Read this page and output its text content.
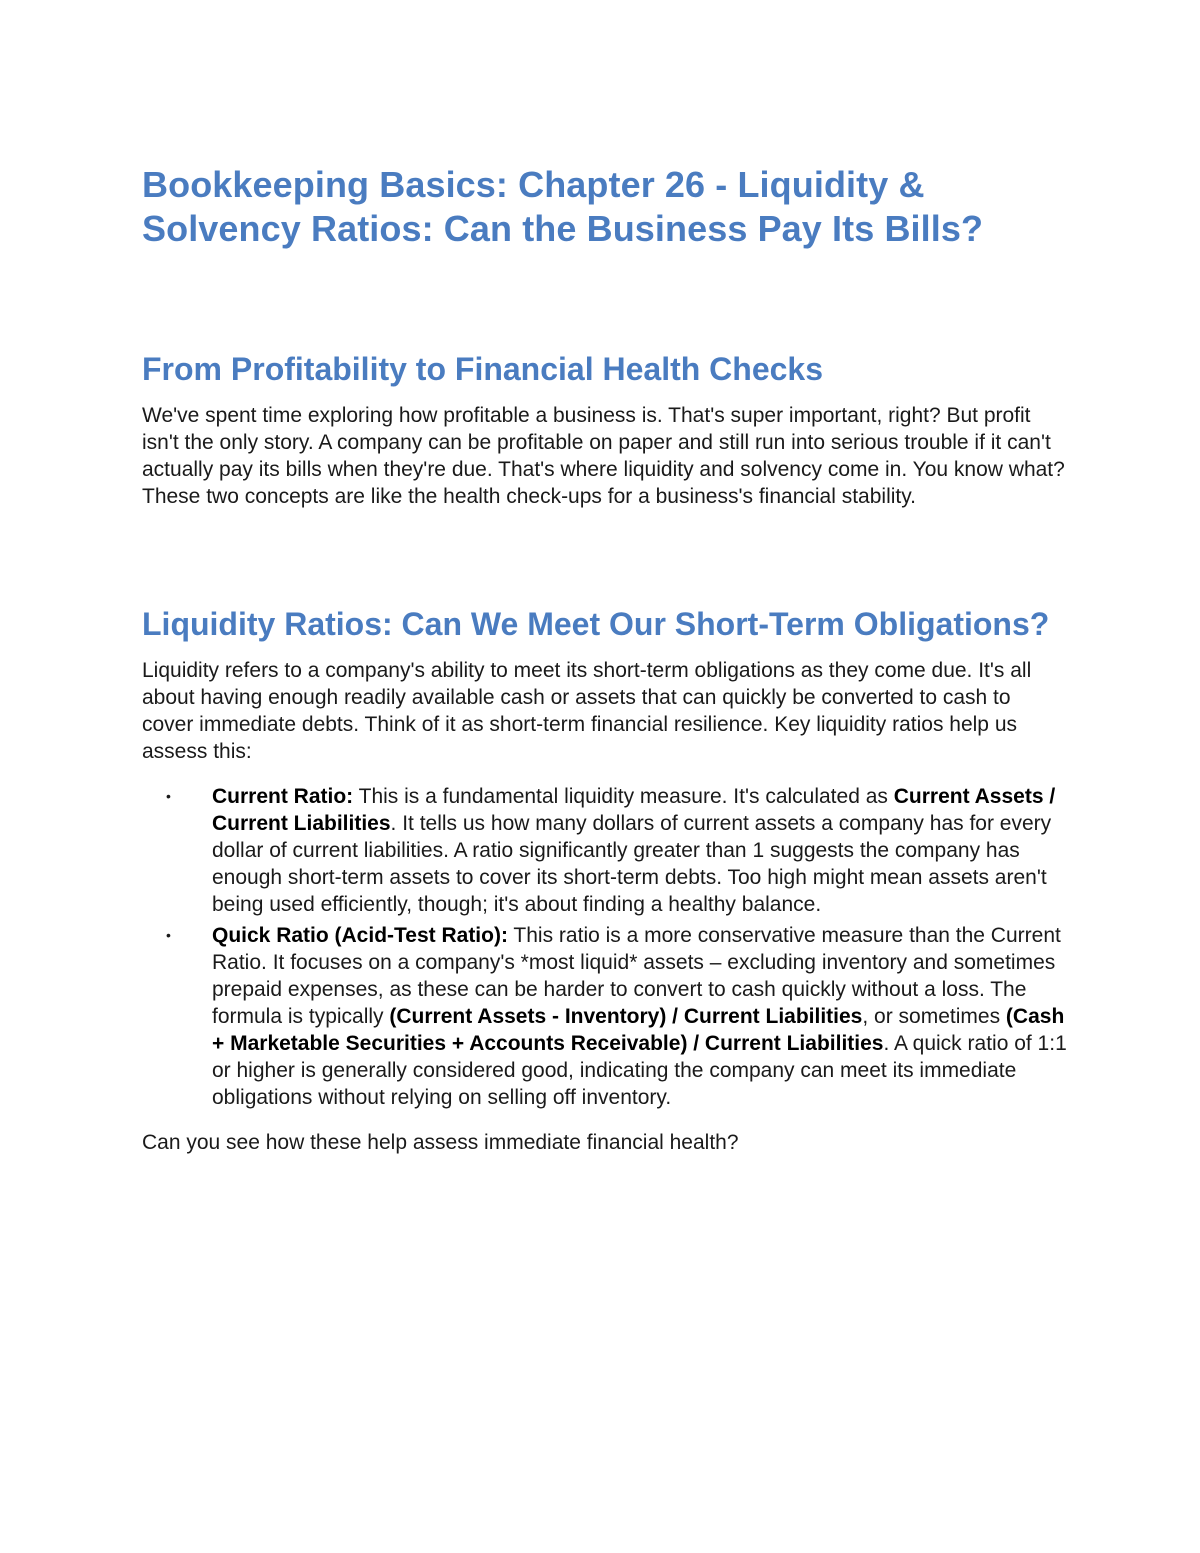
Bookkeeping Basics: Chapter 26 - Liquidity & Solvency Ratios: Can the Business Pay Its Bills?
From Profitability to Financial Health Checks

We've spent time exploring how profitable a business is. That's super important, right? But profit isn't the only story. A company can be profitable on paper and still run into serious trouble if it can't actually pay its bills when they're due. That's where liquidity and solvency come in. You know what? These two concepts are like the health check-ups for a business's financial stability.

Liquidity Ratios: Can We Meet Our Short-Term Obligations?

Liquidity refers to a company's ability to meet its short-term obligations as they come due. It's all about having enough readily available cash or assets that can quickly be converted to cash to cover immediate debts. Think of it as short-term financial resilience. Key liquidity ratios help us assess this:

• Current Ratio: This is a fundamental liquidity measure. It's calculated as Current Assets / Current Liabilities. It tells us how many dollars of current assets a company has for every dollar of current liabilities. A ratio significantly greater than 1 suggests the company has enough short-term assets to cover its short-term debts. Too high might mean assets aren't being used efficiently, though; it's about finding a healthy balance.
• Quick Ratio (Acid-Test Ratio): This ratio is a more conservative measure than the Current Ratio. It focuses on a company's *most liquid* assets – excluding inventory and sometimes prepaid expenses, as these can be harder to convert to cash quickly without a loss. The formula is typically (Current Assets - Inventory) / Current Liabilities, or sometimes (Cash + Marketable Securities + Accounts Receivable) / Current Liabilities. A quick ratio of 1:1 or higher is generally considered good, indicating the company can meet its immediate obligations without relying on selling off inventory.

Can you see how these help assess immediate financial health?
